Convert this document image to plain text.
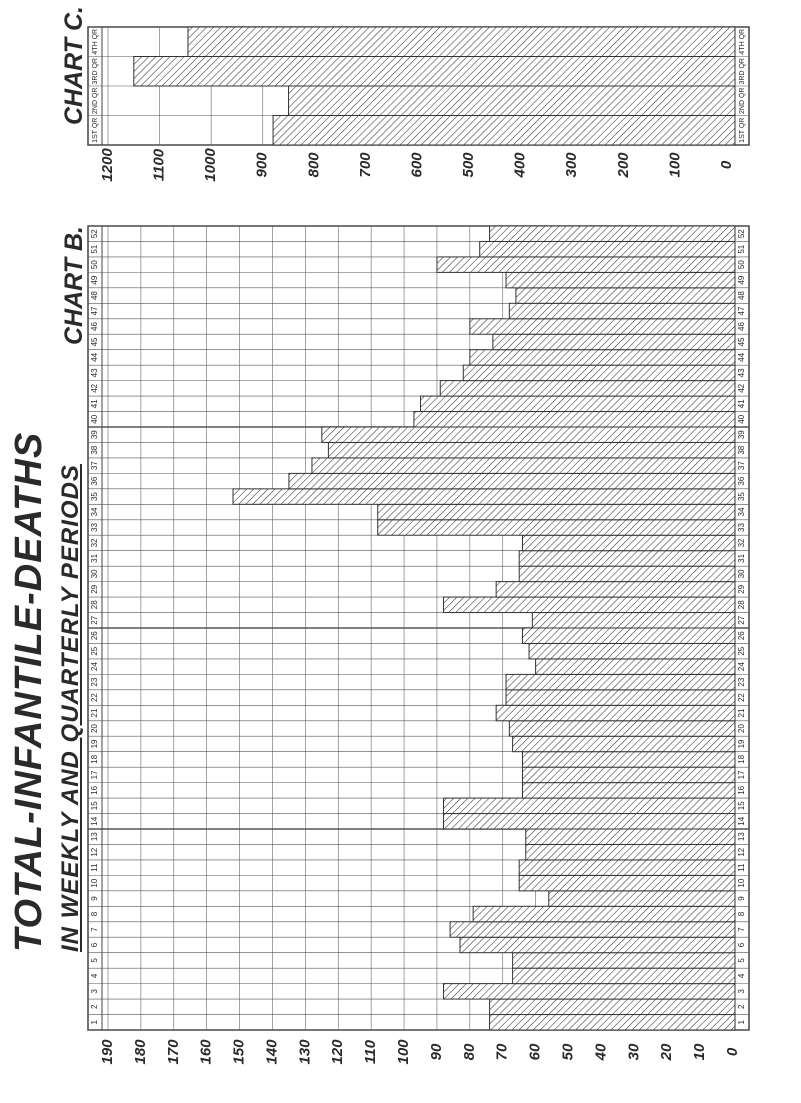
TOTAL-INFANTILE-DEATHS IN WEEKLY AND QUARTERLY PERIODS
CHART B.
1
2
3
4
5
6
7
8
9
10
11
12
13
14
15
16
17
18
19
20
21
22
23
24
25
26
27
28
29
30
31
32
33
34
35
36
37
38
39
40
41
42
43
44
45
46
47
48
49
50
51
52
1
2
3
4
5
6
7
8
9
10
11
12
13
14
15
16
17
18
19
20
21
22
23
24
25
26
27
28
29
30
31
32
33
34
35
36
37
38
39
40
41
42
43
44
45
46
47
48
49
50
51
52
0
10
20
30
40
50
60
70
80
90
100
110
120
130
140
150
160
170
180
190
CHART C.
1ST QR
2ND QR
3RD QR
4TH QR
1ST QR
2ND QR
3RD QR
4TH QR
0
100
200
300
400
500
600
700
800
900
1000
1100
1200
